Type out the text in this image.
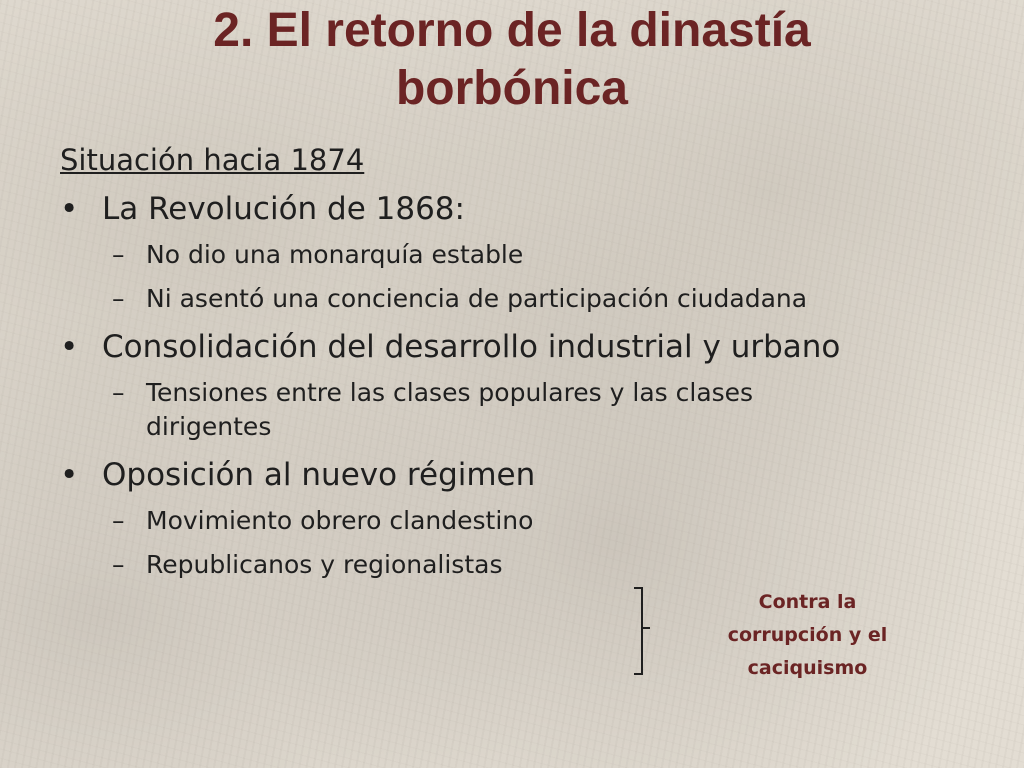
2. El retorno de la dinastía
borbónica
Situación hacia 1874
• La Revolución de 1868:
– No dio una monarquía estable
– Ni asentó una conciencia de participación ciudadana
• Consolidación del desarrollo industrial y urbano
– Tensiones entre las clases populares y las clases dirigentes
• Oposición al nuevo régimen
– Movimiento obrero clandestino
– Republicanos y regionalistas
Contra la
corrupción y el
caciquismo
